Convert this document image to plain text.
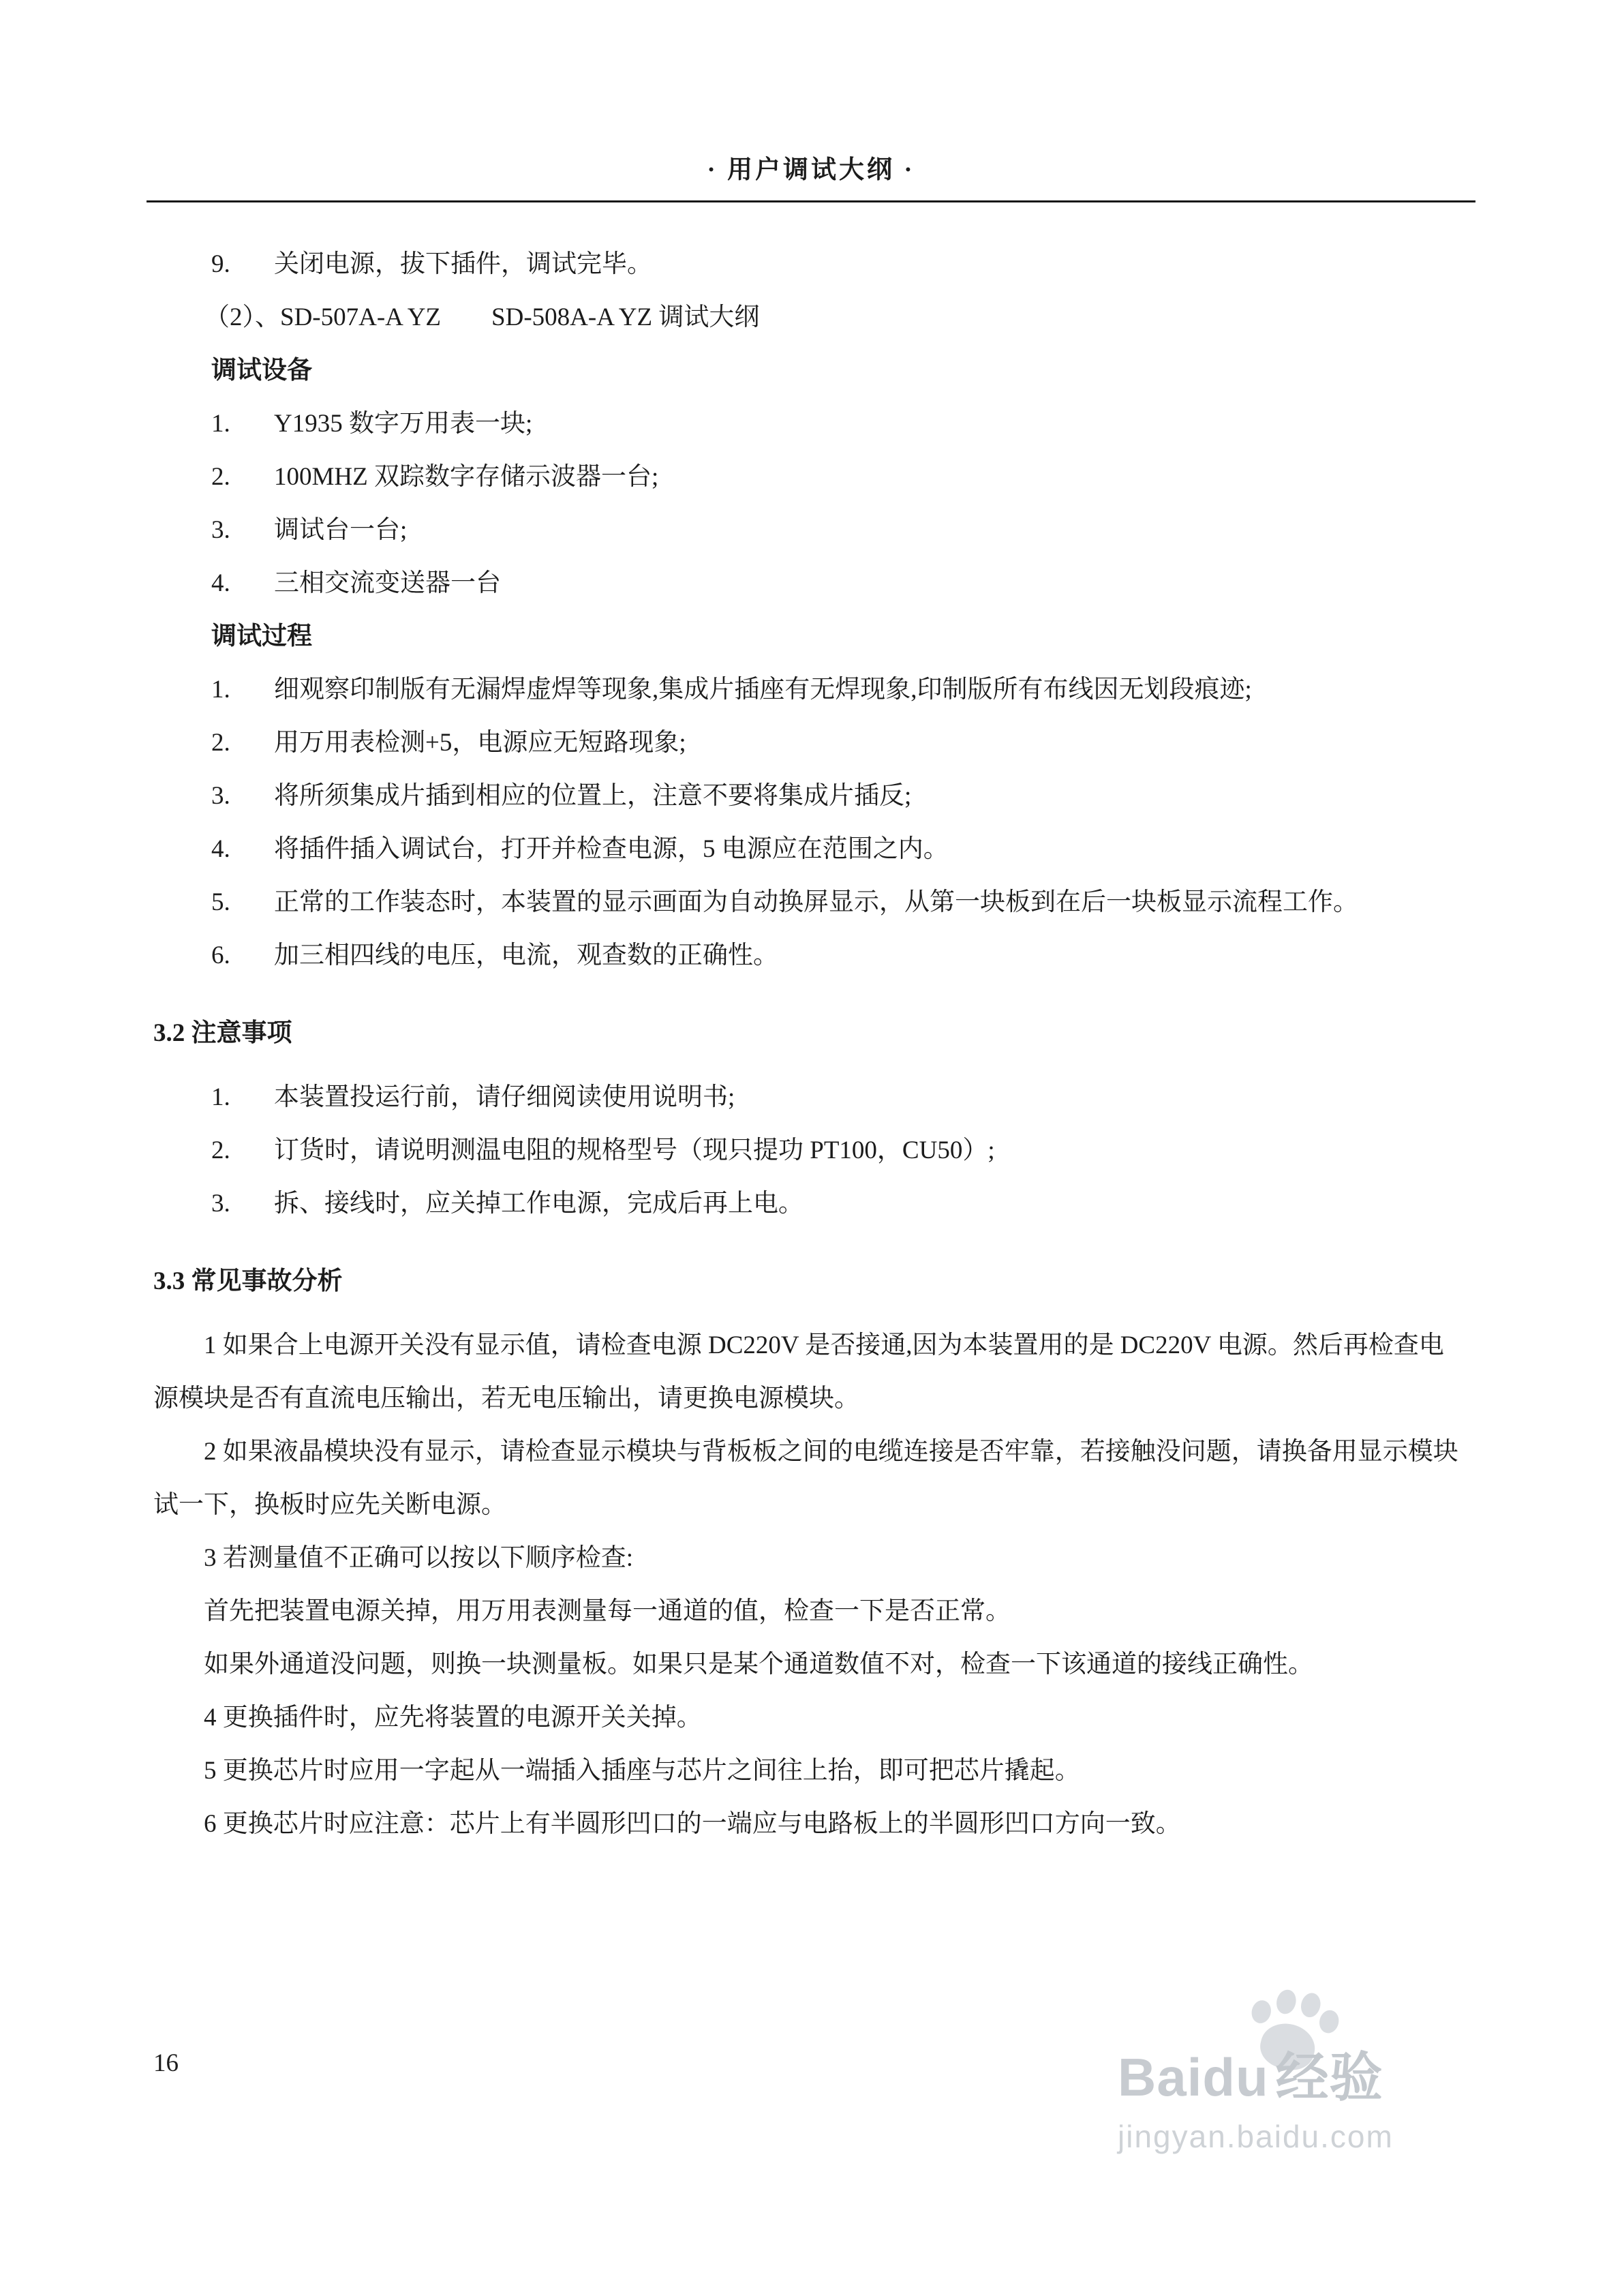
· 用户调试大纲 ·
9.	关闭电源，拔下插件，调试完毕。
（2）、SD-507A-A YZ　　SD-508A-A YZ 调试大纲
调试设备
1.	Y1935 数字万用表一块;
2.	100MHZ 双踪数字存储示波器一台;
3.	调试台一台;
4.	三相交流变送器一台
调试过程
1.	细观察印制版有无漏焊虚焊等现象,集成片插座有无焊现象,印制版所有布线因无划段痕迹;
2.	用万用表检测+5，电源应无短路现象;
3.	将所须集成片插到相应的位置上，注意不要将集成片插反;
4.	将插件插入调试台，打开并检查电源，5 电源应在范围之内。
5.	正常的工作装态时，本装置的显示画面为自动换屏显示，从第一块板到在后一块板显示流程工作。
6.	加三相四线的电压，电流，观查数的正确性。
3.2 注意事项
1.	本装置投运行前，请仔细阅读使用说明书;
2.	订货时，请说明测温电阻的规格型号（现只提功 PT100，CU50）;
3.	拆、接线时，应关掉工作电源，完成后再上电。
3.3 常见事故分析
1 如果合上电源开关没有显示值，请检查电源 DC220V 是否接通,因为本装置用的是 DC220V 电源。然后再检查电源模块是否有直流电压输出，若无电压输出，请更换电源模块。
2 如果液晶模块没有显示，请检查显示模块与背板板之间的电缆连接是否牢靠，若接触没问题，请换备用显示模块试一下，换板时应先关断电源。
3 若测量值不正确可以按以下顺序检查:
首先把装置电源关掉，用万用表测量每一通道的值，检查一下是否正常。
如果外通道没问题，则换一块测量板。如果只是某个通道数值不对，检查一下该通道的接线正确性。
4 更换插件时，应先将装置的电源开关关掉。
5 更换芯片时应用一字起从一端插入插座与芯片之间往上抬，即可把芯片撬起。
6 更换芯片时应注意：芯片上有半圆形凹口的一端应与电路板上的半圆形凹口方向一致。
16	Baidu 经验
jingyan.baidu.com
